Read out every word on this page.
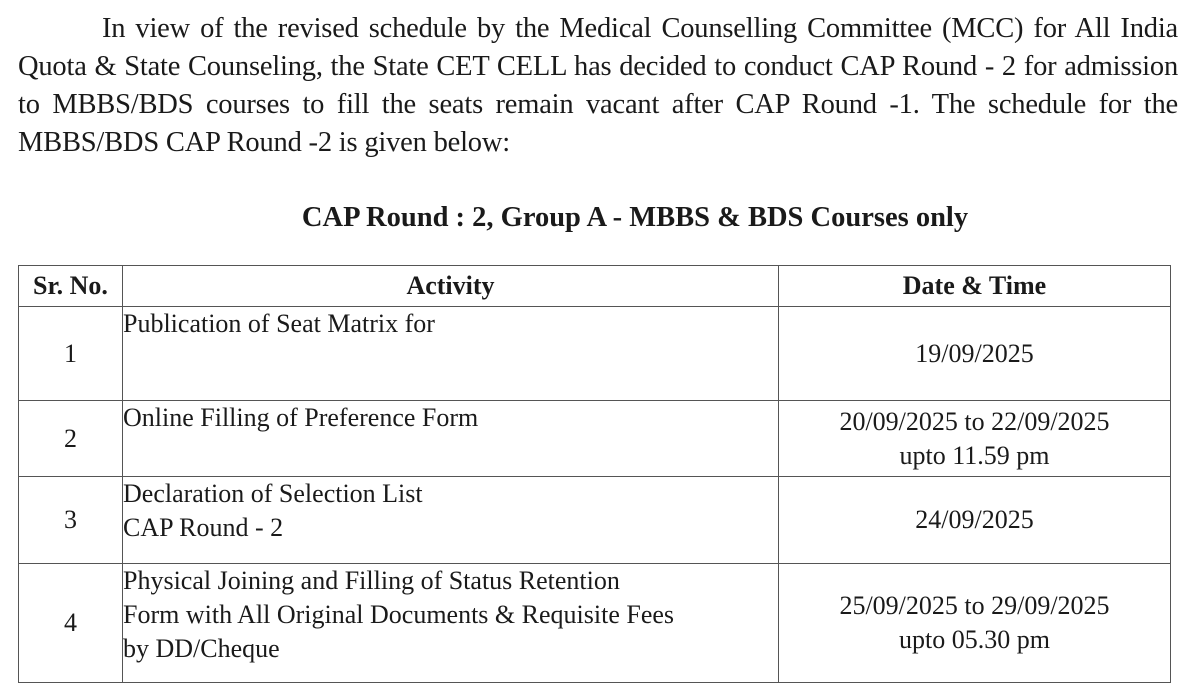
In view of the revised schedule by the Medical Counselling Committee (MCC) for All India Quota & State Counseling, the State CET CELL has decided to conduct CAP Round - 2 for admission to MBBS/BDS courses to fill the seats remain vacant after CAP Round -1. The schedule for the MBBS/BDS CAP Round -2 is given below:

CAP Round : 2, Group A - MBBS & BDS Courses only
Sr. No.	Activity	Date & Time
1	Publication of Seat Matrix for	19/09/2025

2	Online Filling of Preference Form	20/09/2025 to 22/09/2025
upto 11.59 pm

3	Declaration of Selection List
CAP Round - 2	24/09/2025

4	Physical Joining and Filling of Status Retention
Form with All Original Documents & Requisite Fees
by DD/Cheque	25/09/2025 to 29/09/2025
upto 05.30 pm
